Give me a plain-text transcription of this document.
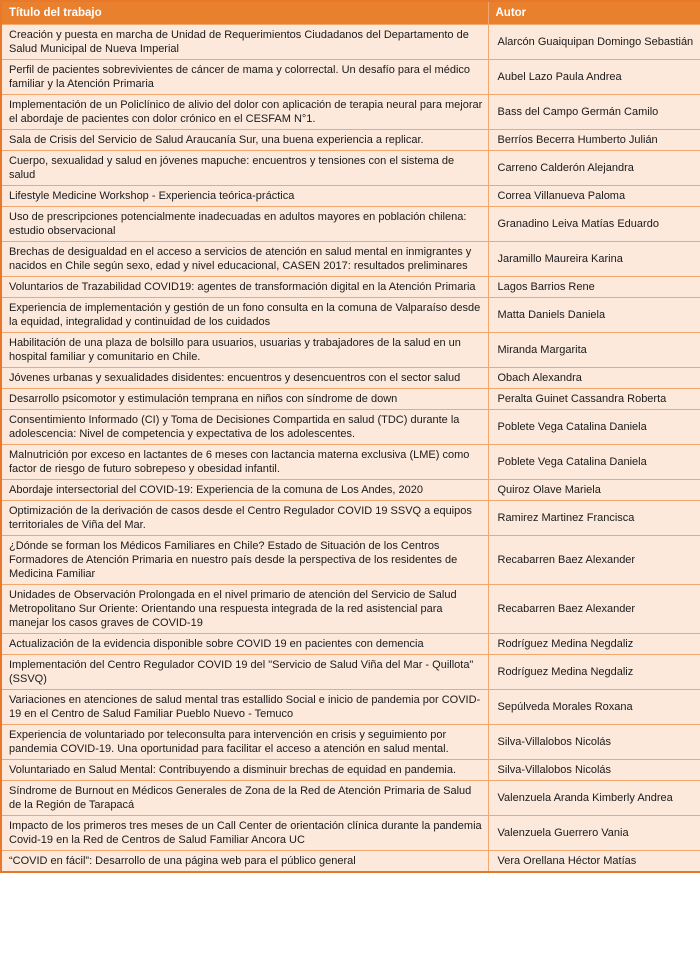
Título del trabajo	Autor
Creación y puesta en marcha de Unidad de Requerimientos Ciudadanos del Departamento de Salud Municipal de Nueva Imperial	Alarcón Guaiquipan Domingo Sebastián
Perfil de pacientes sobrevivientes de cáncer de mama y colorrectal. Un desafío para el médico familiar y la Atención Primaria	Aubel Lazo Paula Andrea
Implementación de un Policlínico de alivio del dolor con aplicación de terapia neural para mejorar el abordaje de pacientes con dolor crónico en el CESFAM N°1.	Bass del Campo Germán Camilo
Sala de Crisis del Servicio de Salud Araucanía Sur, una buena experiencia a replicar.	Berríos Becerra Humberto Julián
Cuerpo, sexualidad y salud en jóvenes mapuche: encuentros y tensiones con el sistema de salud	Carreno Calderón Alejandra
Lifestyle Medicine Workshop - Experiencia teórica-práctica	Correa Villanueva Paloma
Uso de prescripciones potencialmente inadecuadas en adultos mayores en población chilena: estudio observacional	Granadino Leiva Matías Eduardo
Brechas de desigualdad en el acceso a servicios de atención en salud mental en inmigrantes y nacidos en Chile según sexo, edad y nivel educacional, CASEN 2017: resultados preliminares	Jaramillo Maureira Karina
Voluntarios de Trazabilidad COVID19: agentes de transformación digital en la Atención Primaria	Lagos Barrios Rene
Experiencia de implementación y gestión de un fono consulta en la comuna de Valparaíso desde la equidad, integralidad y continuidad de los cuidados	Matta Daniels Daniela
Habilitación de una plaza de bolsillo para usuarios, usuarias y trabajadores de la salud en un hospital familiar y comunitario en Chile.	Miranda Margarita
Jóvenes urbanas y sexualidades disidentes: encuentros y desencuentros con el sector salud	Obach Alexandra
Desarrollo psicomotor y estimulación temprana en niños con síndrome de down	Peralta Guinet Cassandra Roberta
Consentimiento Informado (CI) y Toma de Decisiones Compartida en salud (TDC) durante la adolescencia: Nivel de competencia y expectativa de los adolescentes.	Poblete Vega Catalina Daniela
Malnutrición por exceso en lactantes de 6 meses con lactancia materna exclusiva (LME) como factor de riesgo de futuro sobrepeso y obesidad infantil.	Poblete Vega Catalina Daniela
Abordaje intersectorial del COVID-19: Experiencia de la comuna de Los Andes, 2020	Quiroz Olave Mariela
Optimización de la derivación de casos desde el Centro Regulador COVID 19 SSVQ a equipos territoriales de Viña del Mar.	Ramirez Martinez Francisca
¿Dónde se forman los Médicos Familiares en Chile? Estado de Situación de los Centros Formadores de Atención Primaria en nuestro país desde la perspectiva de los residentes de Medicina Familiar	Recabarren Baez Alexander
Unidades de Observación Prolongada en el nivel primario de atención del Servicio de Salud Metropolitano Sur Oriente: Orientando una respuesta integrada de la red asistencial para manejar los casos graves de COVID-19	Recabarren Baez Alexander
Actualización de la evidencia disponible sobre COVID 19 en pacientes con demencia	Rodríguez Medina Negdaliz
Implementación del Centro Regulador COVID 19 del "Servicio de Salud Viña del Mar - Quillota" (SSVQ)	Rodríguez Medina Negdaliz
Variaciones en atenciones de salud mental tras estallido Social e inicio de pandemia por COVID-19 en el Centro de Salud Familiar Pueblo Nuevo - Temuco	Sepúlveda Morales Roxana
Experiencia de voluntariado por teleconsulta para intervención en crisis y seguimiento por pandemia COVID-19. Una oportunidad para facilitar el acceso a atención en salud mental.	Silva-Villalobos Nicolás
Voluntariado en Salud Mental: Contribuyendo a disminuir brechas de equidad en pandemia.	Silva-Villalobos Nicolás
Síndrome de Burnout en Médicos Generales de Zona de la Red de Atención Primaria de Salud de la Región de Tarapacá	Valenzuela Aranda Kimberly Andrea
Impacto de los primeros tres meses de un Call Center de orientación clínica durante la pandemia Covid-19 en la Red de Centros de Salud Familiar Ancora UC	Valenzuela Guerrero Vania
“COVID en fácil”: Desarrollo de una página web para el público general	Vera Orellana Héctor Matías
